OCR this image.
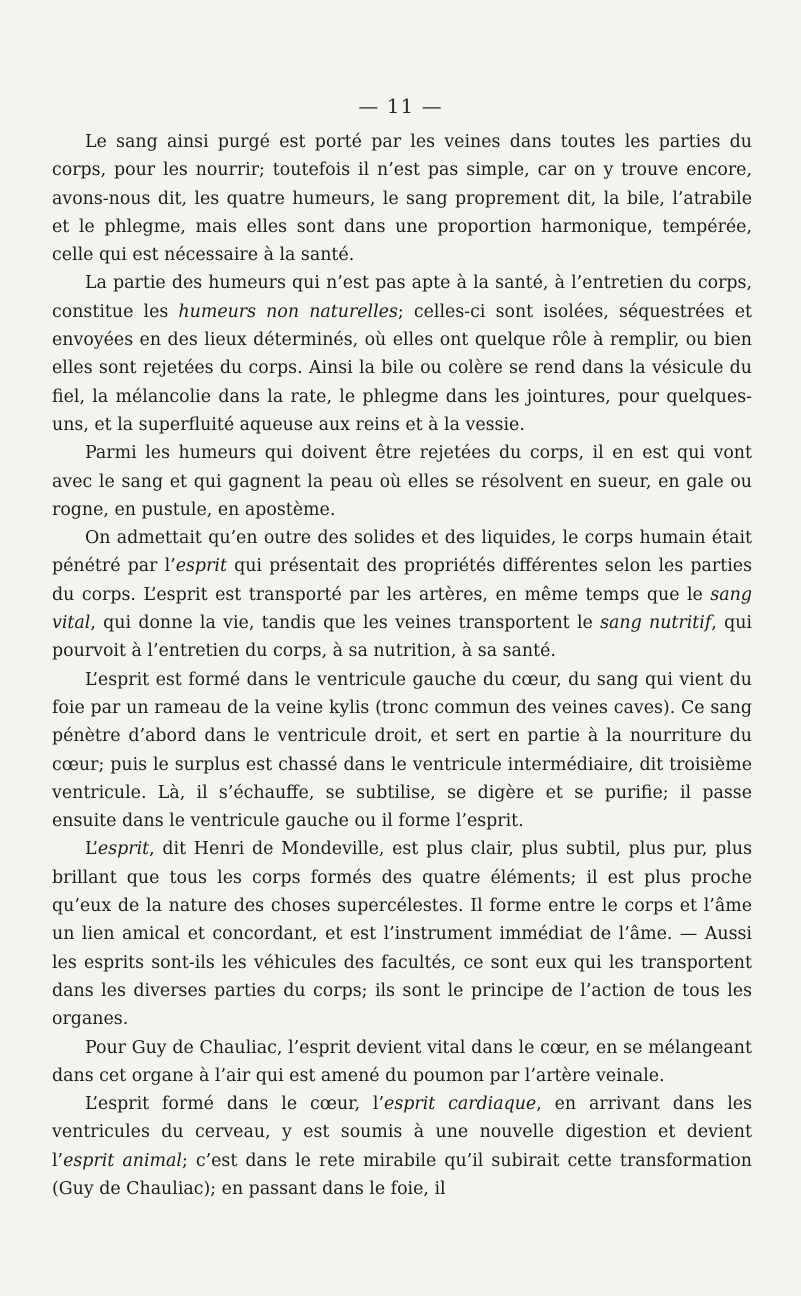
— 11 —

Le sang ainsi purgé est porté par les veines dans toutes les parties du corps, pour les nourrir; toutefois il n’est pas simple, car on y trouve encore, avons-nous dit, les quatre humeurs, le sang proprement dit, la bile, l’atrabile et le phlegme, mais elles sont dans une proportion harmonique, tempérée, celle qui est nécessaire à la santé.

La partie des humeurs qui n’est pas apte à la santé, à l’entretien du corps, constitue les humeurs non naturelles; celles-ci sont isolées, séquestrées et envoyées en des lieux déterminés, où elles ont quelque rôle à remplir, ou bien elles sont rejetées du corps. Ainsi la bile ou colère se rend dans la vésicule du fiel, la mélancolie dans la rate, le phlegme dans les jointures, pour quelques-uns, et la superfluité aqueuse aux reins et à la vessie.

Parmi les humeurs qui doivent être rejetées du corps, il en est qui vont avec le sang et qui gagnent la peau où elles se résolvent en sueur, en gale ou rogne, en pustule, en apostème.

On admettait qu’en outre des solides et des liquides, le corps humain était pénétré par l’esprit qui présentait des propriétés différentes selon les parties du corps. L’esprit est transporté par les artères, en même temps que le sang vital, qui donne la vie, tandis que les veines transportent le sang nutritif, qui pourvoit à l’entretien du corps, à sa nutrition, à sa santé.

L’esprit est formé dans le ventricule gauche du cœur, du sang qui vient du foie par un rameau de la veine kylis (tronc commun des veines caves). Ce sang pénètre d’abord dans le ventricule droit, et sert en partie à la nourriture du cœur; puis le surplus est chassé dans le ventricule intermédiaire, dit troisième ventricule. Là, il s’échauffe, se subtilise, se digère et se purifie; il passe ensuite dans le ventricule gauche ou il forme l’esprit.

L’esprit, dit Henri de Mondeville, est plus clair, plus subtil, plus pur, plus brillant que tous les corps formés des quatre éléments; il est plus proche qu’eux de la nature des choses supercélestes. Il forme entre le corps et l’âme un lien amical et concordant, et est l’instrument immédiat de l’âme. — Aussi les esprits sont-ils les véhicules des facultés, ce sont eux qui les transportent dans les diverses parties du corps; ils sont le principe de l’action de tous les organes.

Pour Guy de Chauliac, l’esprit devient vital dans le cœur, en se mélangeant dans cet organe à l’air qui est amené du poumon par l’artère veinale.

L’esprit formé dans le cœur, l’esprit cardiaque, en arrivant dans les ventricules du cerveau, y est soumis à une nouvelle digestion et devient l’esprit animal; c’est dans le rete mirabile qu’il subirait cette transformation (Guy de Chauliac); en passant dans le foie, il
